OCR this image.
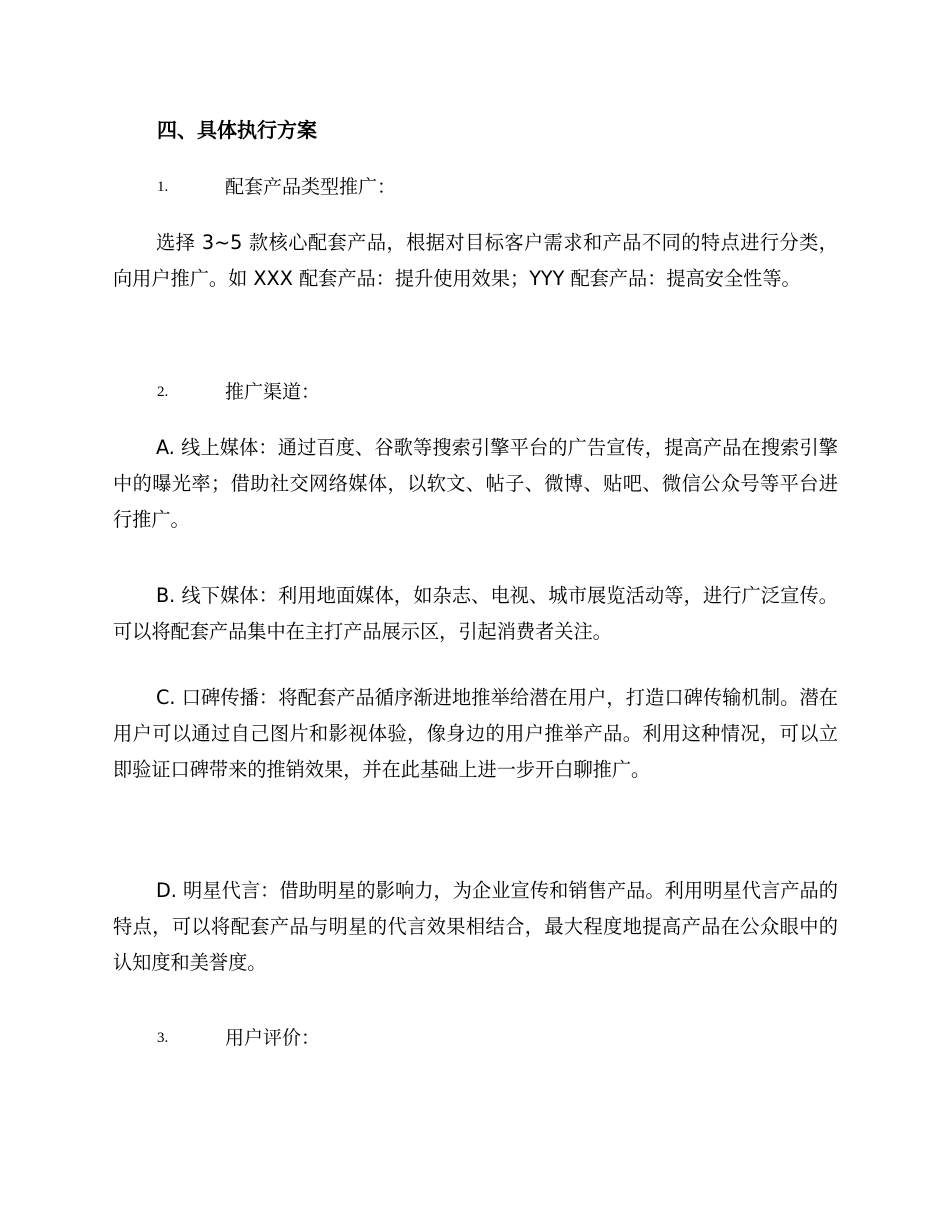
四、具体执行方案
1.	配套产品类型推广：

选择 3~5 款核心配套产品，根据对目标客户需求和产品不同的特点进行分类，向用户推广。如 XXX 配套产品：提升使用效果；YYY 配套产品：提高安全性等。

2.	推广渠道：

A. 线上媒体：通过百度、谷歌等搜索引擎平台的广告宣传，提高产品在搜索引擎中的曝光率；借助社交网络媒体，以软文、帖子、微博、贴吧、微信公众号等平台进行推广。

B. 线下媒体：利用地面媒体，如杂志、电视、城市展览活动等，进行广泛宣传。可以将配套产品集中在主打产品展示区，引起消费者关注。

C. 口碑传播：将配套产品循序渐进地推举给潜在用户，打造口碑传输机制。潜在用户可以通过自己图片和影视体验，像身边的用户推举产品。利用这种情况，可以立即验证口碑带来的推销效果，并在此基础上进一步开白聊推广。

D. 明星代言：借助明星的影响力，为企业宣传和销售产品。利用明星代言产品的特点，可以将配套产品与明星的代言效果相结合，最大程度地提高产品在公众眼中的认知度和美誉度。

3.	用户评价：
